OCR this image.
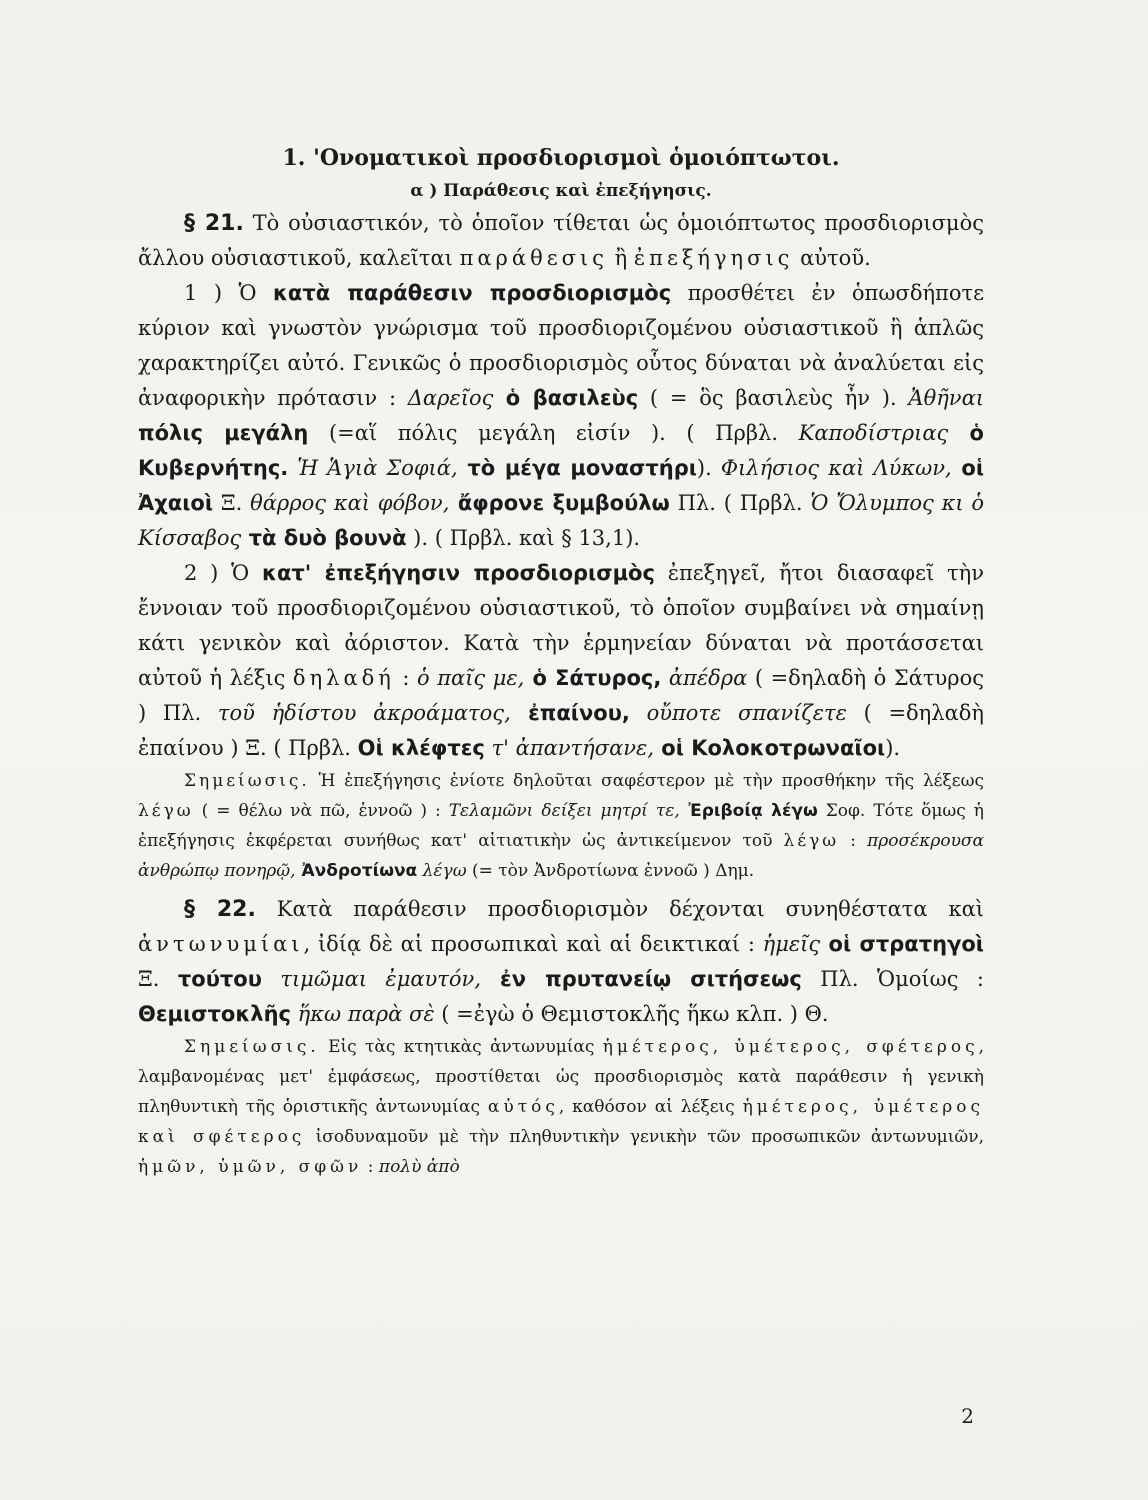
1. 'Ονοματικοὶ προσδιορισμοὶ ὁμοιόπτωτοι.

α ) Παράθεσις καὶ ἐπεξήγησις.

§ 21. Τὸ οὐσιαστικόν, τὸ ὁποῖον τίθεται ὡς ὁμοιόπτωτος προσδιορισμὸς ἄλλου οὐσιαστικοῦ, καλεῖται παράθεσις ἢ ἐπεξήγησις αὐτοῦ.

1 ) Ὁ κατὰ παράθεσιν προσδιορισμὸς προσθέτει ἐν ὁπωσδήποτε κύριον καὶ γνωστὸν γνώρισμα τοῦ προσδιοριζομένου οὐσιαστικοῦ ἢ ἁπλῶς χαρακτηρίζει αὐτό. Γενικῶς ὁ προσδιορισμὸς οὗτος δύναται νὰ ἀναλύεται εἰς ἀναφορικὴν πρότασιν : Δαρεῖος ὁ βασιλεὺς ( = ὃς βασιλεὺς ἦν ). Ἀθῆναι πόλις μεγάλη (=αἵ πόλις μεγάλη εἰσίν ). ( Πρβλ. Καποδίστριας ὁ Κυβερνήτης. Ἡ Ἁγιὰ Σοφιά, τὸ μέγα μοναστήρι). Φιλήσιος καὶ Λύκων, οἱ Ἀχαιοὶ Ξ. θάρρος καὶ φόβον, ἄφρονε ξυμβούλω Πλ. ( Πρβλ. Ὁ Ὄλυμπος κι ὁ Κίσσαβος τὰ δυὸ βουνὰ ). ( Πρβλ. καὶ § 13,1).

2 ) Ὁ κατ' ἐπεξήγησιν προσδιορισμὸς ἐπεξηγεῖ, ἤτοι διασαφεῖ τὴν ἔννοιαν τοῦ προσδιοριζομένου οὐσιαστικοῦ, τὸ ὁποῖον συμβαίνει νὰ σημαίνῃ κάτι γενικὸν καὶ ἀόριστον. Κατὰ τὴν ἑρμηνείαν δύναται νὰ προτάσσεται αὐτοῦ ἡ λέξις δηλαδή : ὁ παῖς με, ὁ Σάτυρος, ἀπέδρα ( =δηλαδὴ ὁ Σάτυρος ) Πλ. τοῦ ἡδίστου ἀκροάματος, ἐπαίνου, οὔποτε σπανίζετε ( =δηλαδὴ ἐπαίνου ) Ξ. ( Πρβλ. Οἱ κλέφτες τ' ἀπαντήσανε, οἱ Κολοκοτρωναῖοι).

Σημείωσις. Ἡ ἐπεξήγησις ἐνίοτε δηλοῦται σαφέστερον μὲ τὴν προσθήκην τῆς λέξεως λέγω ( = θέλω νὰ πῶ, ἐννοῶ ) : Τελαμῶνι δείξει μητρί τε, Ἐριβοίᾳ λέγω Σοφ. Τότε ὅμως ἡ ἐπεξήγησις ἐκφέρεται συνήθως κατ' αἰτιατικὴν ὡς ἀντικείμενον τοῦ λέγω : προσέκρουσα ἀνθρώπῳ πονηρῷ, Ἀνδροτίωνα λέγω (= τὸν Ἀνδροτίωνα ἐννοῶ ) Δημ.

§ 22. Κατὰ παράθεσιν προσδιορισμὸν δέχονται συνηθέστατα καὶ ἀντωνυμίαι, ἰδίᾳ δὲ αἱ προσωπικαὶ καὶ αἱ δεικτικαί : ἡμεῖς οἱ στρατηγοὶ Ξ. τούτου τιμῶμαι ἐμαυτόν, ἐν πρυτανείῳ σιτήσεως Πλ. Ὁμοίως : Θεμιστοκλῆς ἥκω παρὰ σὲ ( =ἐγὼ ὁ Θεμιστοκλῆς ἥκω κλπ. ) Θ.

Σημείωσις. Εἰς τὰς κτητικὰς ἀντωνυμίας ἡμέτερος, ὑμέτερος, σφέτερος, λαμβανομένας μετ' ἐμφάσεως, προστίθεται ὡς προσδιορισμὸς κατὰ παράθεσιν ἡ γενικὴ πληθυντικὴ τῆς ὁριστικῆς ἀντωνυμίας αὐτός, καθόσον αἱ λέξεις ἡμέτερος, ὑμέτερος καὶ σφέτερος ἰσοδυναμοῦν μὲ τὴν πληθυντικὴν γενικὴν τῶν προσωπικῶν ἀντωνυμιῶν, ἡμῶν, ὑμῶν, σφῶν : πολὺ ἀπὸ

2
